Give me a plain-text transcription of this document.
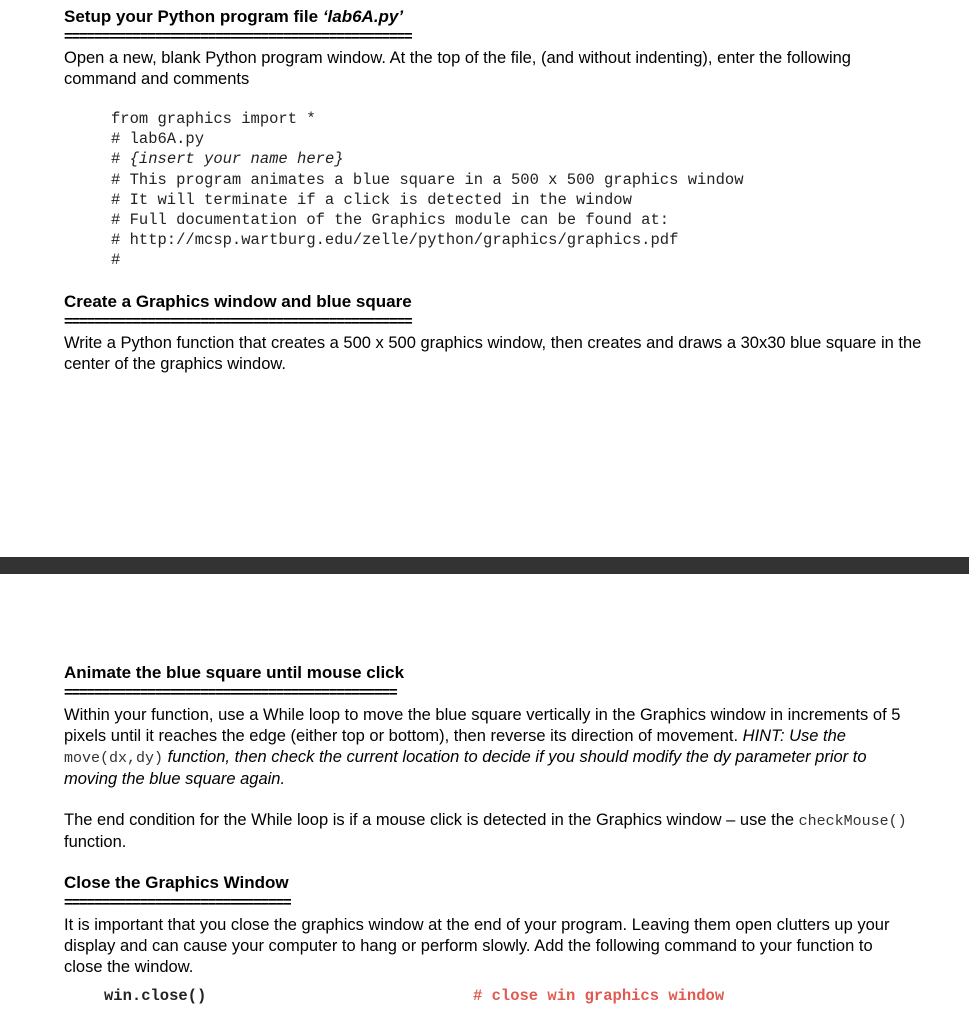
Setup your Python program file ‘lab6A.py’
==============================================
Open a new, blank Python program window. At the top of the file, (and without indenting), enter the following command and comments
from graphics import *
# lab6A.py
# {insert your name here}
# This program animates a blue square in a 500 x 500 graphics window
# It will terminate if a click is detected in the window
# Full documentation of the Graphics module can be found at:
# http://mcsp.wartburg.edu/zelle/python/graphics/graphics.pdf
#
Create a Graphics window and blue square
==============================================
Write a Python function that creates a 500 x 500 graphics window, then creates and draws a 30x30 blue square in the center of the graphics window.
Animate the blue square until mouse click
============================================
Within your function, use a While loop to move the blue square vertically in the Graphics window in increments of 5 pixels until it reaches the edge (either top or bottom), then reverse its direction of movement. HINT: Use the move(dx,dy) function, then check the current location to decide if you should modify the dy parameter prior to moving the blue square again.
The end condition for the While loop is if a mouse click is detected in the Graphics window – use the checkMouse() function.
Close the Graphics Window
==============================
It is important that you close the graphics window at the end of your program. Leaving them open clutters up your display and can cause your computer to hang or perform slowly. Add the following command to your function to close the window.
win.close()	# close win graphics window
